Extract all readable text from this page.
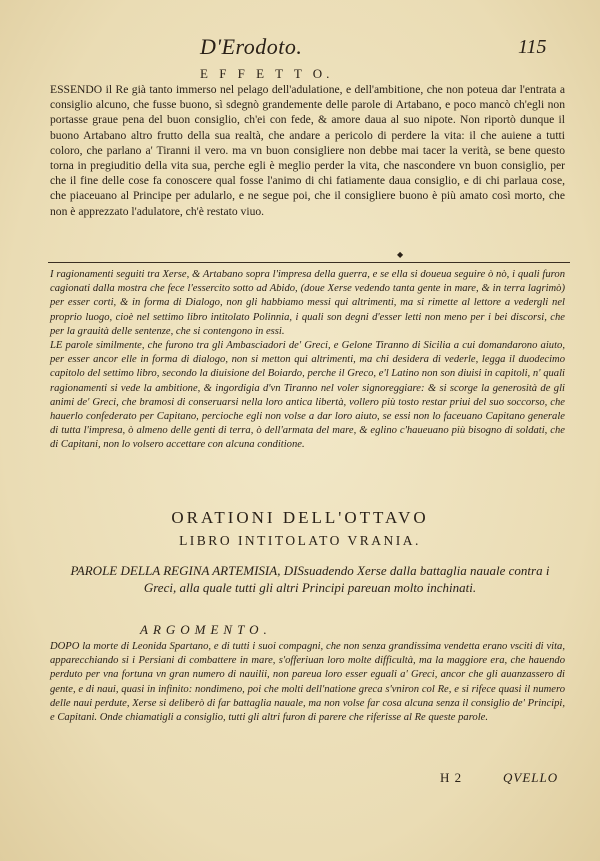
D'Erodoto.	115
E F F E T T O.
ESSENDO il Re già tanto immerso nel pelago dell'adulatione, e dell'ambitione, che non poteua dar l'entrata a consiglio alcuno, che fusse buono, sì sdegnò grandemente delle parole di Artabano, e poco mancò ch'egli non portasse graue pena del buon consiglio, ch'ei con fede, & amore daua al suo nipote. Non riportò dunque il buono Artabano altro frutto della sua realtà, che andare a pericolo di perdere la vita: il che auiene a tutti coloro, che parlano a' Tiranni il vero. ma vn buon consigliere non debbe mai tacer la verità, se bene questo torna in pregiuditio della vita sua, perche egli è meglio perder la vita, che nascondere vn buon consiglio, per che il fine delle cose fa conoscere qual fosse l'animo di chi fatiamente daua consiglio, e di chi parlaua cose, che piaceuano al Principe per adularlo, e ne segue poi, che il consigliere buono è più amato così morto, che non è apprezzato l'adulatore, ch'è restato viuo.
◆

I ragionamenti seguiti tra Xerse, & Artabano sopra l'impresa della guerra, e se ella si doueua seguire ò nò, i quali furon cagionati dalla mostra che fece l'essercito sotto ad Abido, (doue Xerse vedendo tanta gente in mare, & in terra lagrimò) per esser corti, & in forma di Dialogo, non gli habbiamo messi qui altrimenti, ma si rimette al lettore a vedergli nel proprio luogo, cioè nel settimo libro intitolato Polinnia, i quali son degni d'esser letti non meno per i bei discorsi, che per la grauità delle sentenze, che si contengono in essi.

LE parole similmente, che furono tra gli Ambasciadori de' Greci, e Gelone Tiranno di Sicilia a cui domandarono aiuto, per esser ancor elle in forma di dialogo, non si metton qui altrimenti, ma chi desidera di vederle, legga il duodecimo capitolo del settimo libro, secondo la diuisione del Boiardo, perche il Greco, e'l Latino non son diuisi in capitoli, n' quali ragionamenti si vede la ambitione, & ingordigia d'vn Tiranno nel voler signoreggiare: & si scorge la generosità de gli animi de' Greci, che bramosi di conseruarsi nella loro antica libertà, vollero più tosto restar priui del suo soccorso, che hauerlo confederato per Capitano, percioche egli non volse a dar loro aiuto, se essi non lo faceuano Capitano generale di tutta l'impresa, ò almeno delle genti di terra, ò dell'armata del mare, & eglino c'haueuano più bisogno di soldati, che di Capitani, non lo volsero accettare con alcuna conditione.

ORATIONI DELL'OTTAVO
LIBRO INTITOLATO VRANIA.
PAROLE DELLA REGINA ARTEMISIA, DISsuadendo Xerse dalla battaglia nauale contra i Greci, alla quale tutti gli altri Principi pareuan molto inchinati.
ARGOMENTO.
DOPO la morte di Leonida Spartano, e di tutti i suoi compagni, che non senza grandissima vendetta erano vsciti di vita, apparecchiando si i Persiani di combattere in mare, s'offeriuan loro molte difficultà, ma la maggiore era, che hauendo perduto per vna fortuna vn gran numero di nauilii, non pareua loro esser eguali a' Greci, ancor che gli auanzassero di gente, e di naui, quasi in infinito: nondimeno, poi che molti dell'natione greca s'vniron col Re, e si rifece quasi il numero delle naui perdute, Xerse si deliberò di far battaglia nauale, ma non volse far cosa alcuna senza il consiglio de' Principi, e Capitani. Onde chiamatigli a consiglio, tutti gli altri furon di parere che riferisse al Re queste parole.
H 2	QVELLO
